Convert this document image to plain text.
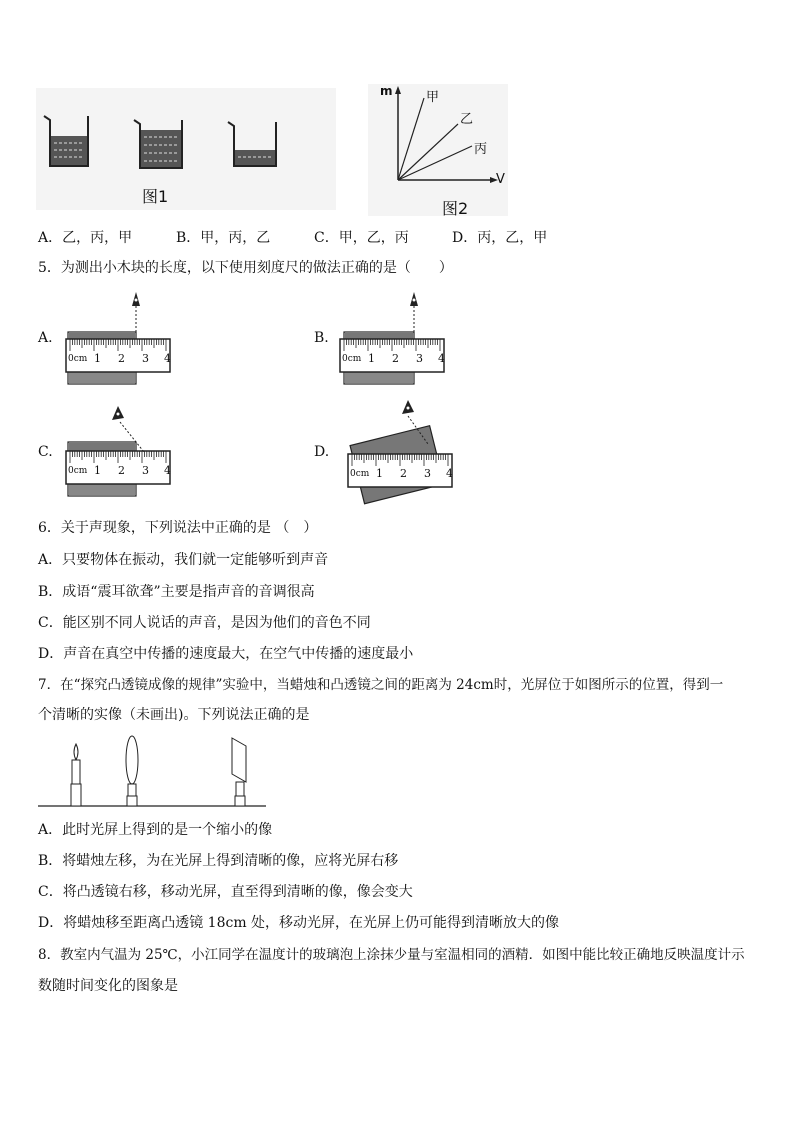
图1
m
V
甲
乙
丙
图2
A．乙，丙，甲	B．甲，丙，乙	C．甲，乙，丙	D．丙，乙，甲
5．为测出小木块的长度，以下使用刻度尺的做法正确的是（　　）
A.	B.
C.	D.
0cm 1 2 3 4	0cm 1 2 3 4
0cm 1 2 3 4	0cm 1 2 3 4
6．关于声现象，下列说法中正确的是 （　）
A．只要物体在振动，我们就一定能够听到声音
B．成语“震耳欲聋”主要是指声音的音调很高
C．能区别不同人说话的声音，是因为他们的音色不同
D．声音在真空中传播的速度最大，在空气中传播的速度最小
7．在“探究凸透镜成像的规律”实验中，当蜡烛和凸透镜之间的距离为 24cm时，光屏位于如图所示的位置，得到一
个清晰的实像（未画出)。下列说法正确的是
A．此时光屏上得到的是一个缩小的像
B．将蜡烛左移，为在光屏上得到清晰的像，应将光屏右移
C．将凸透镜右移，移动光屏，直至得到清晰的像，像会变大
D．将蜡烛移至距离凸透镜 18cm 处，移动光屏，在光屏上仍可能得到清晰放大的像
8．教室内气温为 25℃，小江同学在温度计的玻璃泡上涂抹少量与室温相同的酒精．如图中能比较正确地反映温度计示
数随时间变化的图象是
